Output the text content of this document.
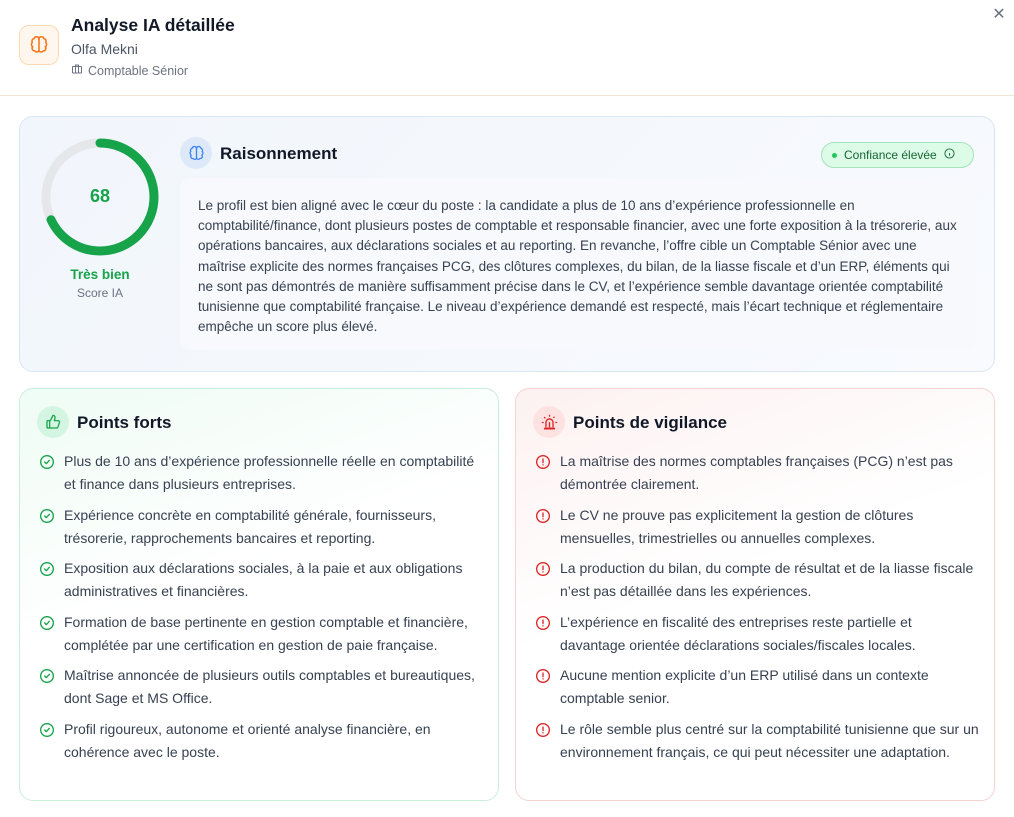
Analyse IA détaillée
Olfa Mekni
Comptable Sénior
✕
68
Très bien
Score IA
Raisonnement	Confiance élevée
Le profil est bien aligné avec le cœur du poste : la candidate a plus de 10 ans d’expérience professionnelle en comptabilité/finance, dont plusieurs postes de comptable et responsable financier, avec une forte exposition à la trésorerie, aux opérations bancaires, aux déclarations sociales et au reporting. En revanche, l’offre cible un Comptable Sénior avec une maîtrise explicite des normes françaises PCG, des clôtures complexes, du bilan, de la liasse fiscale et d’un ERP, éléments qui ne sont pas démontrés de manière suffisamment précise dans le CV, et l’expérience semble davantage orientée comptabilité tunisienne que comptabilité française. Le niveau d’expérience demandé est respecté, mais l’écart technique et réglementaire empêche un score plus élevé.
Points forts
Plus de 10 ans d’expérience professionnelle réelle en comptabilité et finance dans plusieurs entreprises.
Expérience concrète en comptabilité générale, fournisseurs, trésorerie, rapprochements bancaires et reporting.
Exposition aux déclarations sociales, à la paie et aux obligations administratives et financières.
Formation de base pertinente en gestion comptable et financière, complétée par une certification en gestion de paie française.
Maîtrise annoncée de plusieurs outils comptables et bureautiques, dont Sage et MS Office.
Profil rigoureux, autonome et orienté analyse financière, en cohérence avec le poste.
Points de vigilance
La maîtrise des normes comptables françaises (PCG) n’est pas démontrée clairement.
Le CV ne prouve pas explicitement la gestion de clôtures mensuelles, trimestrielles ou annuelles complexes.
La production du bilan, du compte de résultat et de la liasse fiscale n’est pas détaillée dans les expériences.
L’expérience en fiscalité des entreprises reste partielle et davantage orientée déclarations sociales/fiscales locales.
Aucune mention explicite d’un ERP utilisé dans un contexte comptable senior.
Le rôle semble plus centré sur la comptabilité tunisienne que sur un environnement français, ce qui peut nécessiter une adaptation.
